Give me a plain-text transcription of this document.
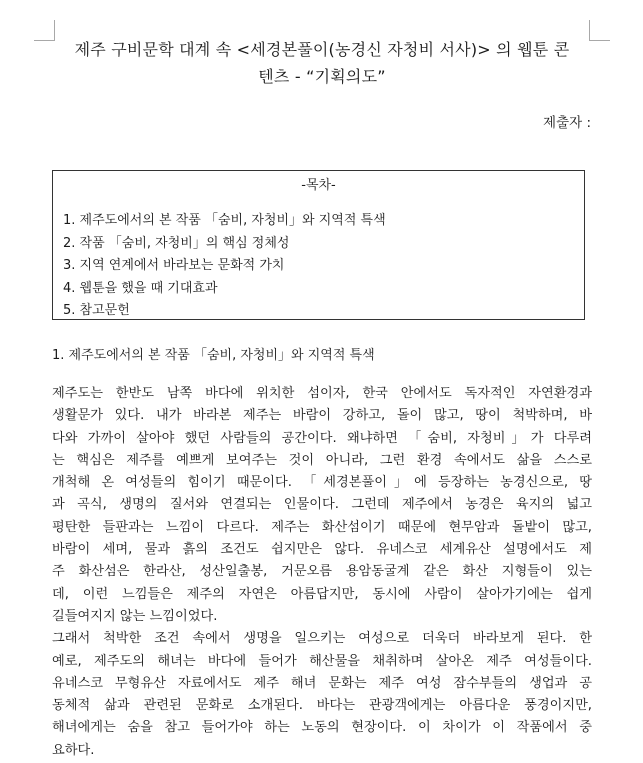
제주 구비문학 대계 속 <세경본풀이(농경신 자청비 서사)> 의 웹툰 콘
텐츠 - “기획의도”
제출자 :
-목차-
1. 제주도에서의 본 작품 「숨비, 자청비」와 지역적 특색
2. 작품 「숨비, 자청비」의 핵심 정체성
3. 지역 연계에서 바라보는 문화적 가치
4. 웹툰을 했을 때 기대효과
5. 참고문헌
1. 제주도에서의 본 작품 「숨비, 자청비」와 지역적 특색
제주도는 한반도 남쪽 바다에 위치한 섬이자, 한국 안에서도 독자적인 자연환경과
생활문가 있다. 내가 바라본 제주는 바람이 강하고, 돌이 많고, 땅이 척박하며, 바
다와 가까이 살아야 했던 사람들의 공간이다. 왜냐하면 「숨비, 자청비」가 다루려
는 핵심은 제주를 예쁘게 보여주는 것이 아니라, 그런 환경 속에서도 삶을 스스로
개척해 온 여성들의 힘이기 때문이다. 「세경본풀이」에 등장하는 농경신으로, 땅
과 곡식, 생명의 질서와 연결되는 인물이다. 그런데 제주에서 농경은 육지의 넓고
평탄한 들판과는 느낌이 다르다. 제주는 화산섬이기 때문에 현무암과 돌밭이 많고,
바람이 세며, 물과 흙의 조건도 쉽지만은 않다. 유네스코 세계유산 설명에서도 제
주 화산섬은 한라산, 성산일출봉, 거문오름 용암동굴계 같은 화산 지형들이 있는
데, 이런 느낌들은 제주의 자연은 아름답지만, 동시에 사람이 살아가기에는 쉽게
길들여지지 않는 느낌이었다.
그래서 척박한 조건 속에서 생명을 일으키는 여성으로 더욱더 바라보게 된다. 한
예로, 제주도의 해녀는 바다에 들어가 해산물을 채취하며 살아온 제주 여성들이다.
유네스코 무형유산 자료에서도 제주 해녀 문화는 제주 여성 잠수부들의 생업과 공
동체적 삶과 관련된 문화로 소개된다. 바다는 관광객에게는 아름다운 풍경이지만,
해녀에게는 숨을 참고 들어가야 하는 노동의 현장이다. 이 차이가 이 작품에서 중
요하다.
